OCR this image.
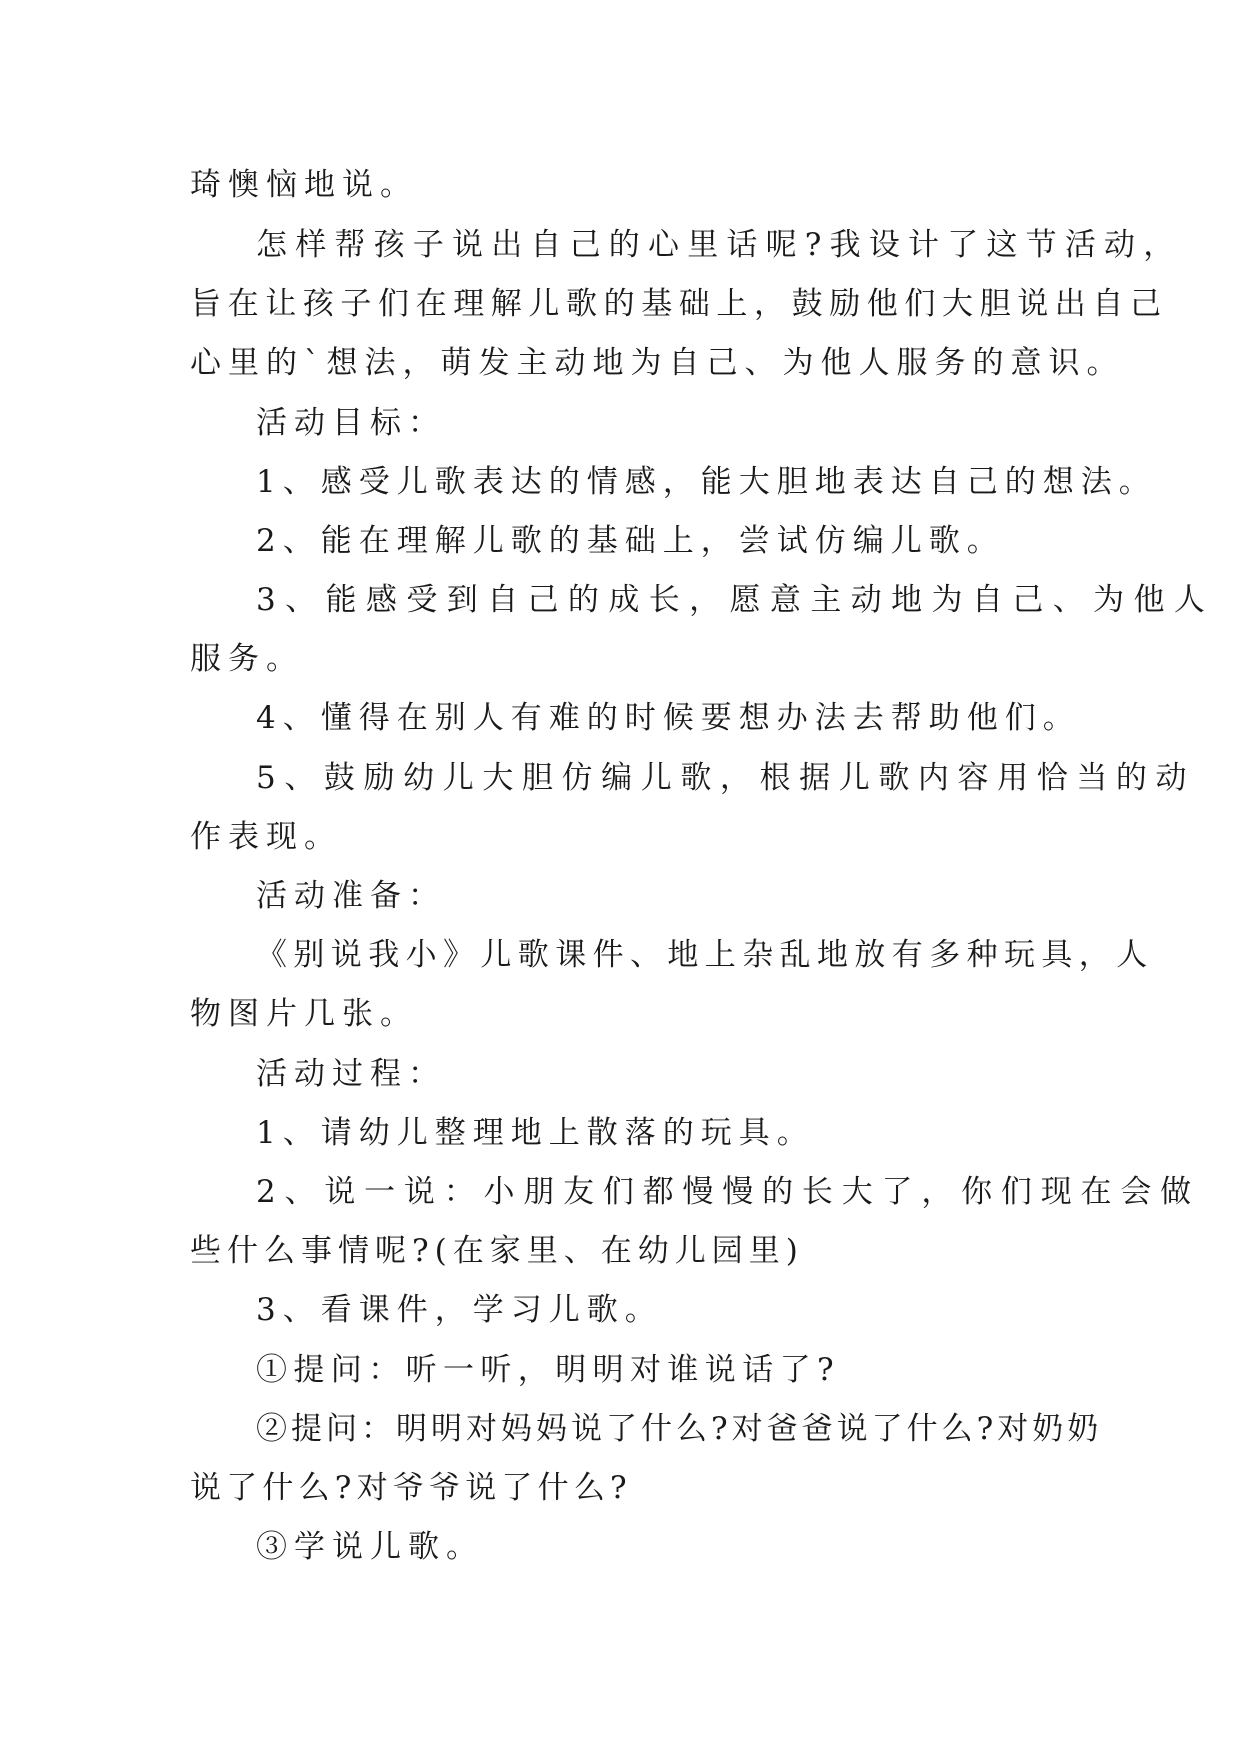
琦懊恼地说。

怎样帮孩子说出自己的心里话呢?我设计了这节活动，

旨在让孩子们在理解儿歌的基础上，鼓励他们大胆说出自己

心里的`想法，萌发主动地为自己、为他人服务的意识。

活动目标：

1、感受儿歌表达的情感，能大胆地表达自己的想法。

2、能在理解儿歌的基础上，尝试仿编儿歌。

3、能感受到自己的成长，愿意主动地为自己、为他人

服务。

4、懂得在别人有难的时候要想办法去帮助他们。

5、鼓励幼儿大胆仿编儿歌，根据儿歌内容用恰当的动

作表现。

活动准备：

《别说我小》儿歌课件、地上杂乱地放有多种玩具，人

物图片几张。

活动过程：

1、请幼儿整理地上散落的玩具。

2、说一说：小朋友们都慢慢的长大了，你们现在会做

些什么事情呢?(在家里、在幼儿园里)

3、看课件，学习儿歌。

①提问：听一听，明明对谁说话了?

②提问：明明对妈妈说了什么?对爸爸说了什么?对奶奶

说了什么?对爷爷说了什么?

③学说儿歌。
